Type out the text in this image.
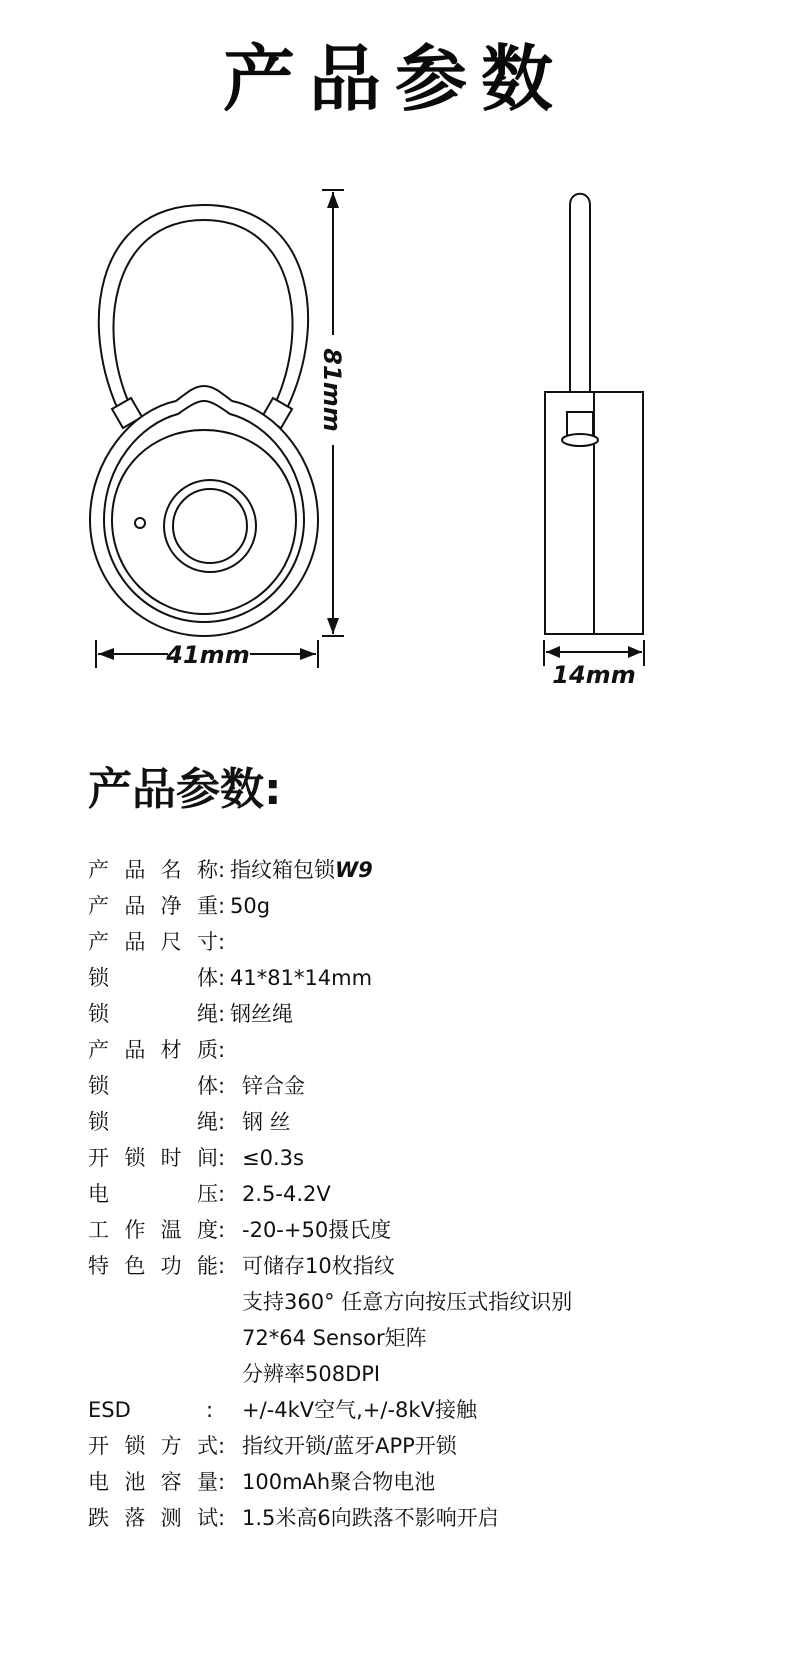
产品参数
81mm
41mm
14mm
产品参数:
产品名称 : 指纹箱包锁W9
产品净重 : 50g
产品尺寸 :
锁体 : 41*81*14mm
锁绳 : 钢丝绳
产品材质 :
锁体 : 锌合金
锁绳 : 钢 丝
开锁时间 : ≤0.3s
电压 : 2.5-4.2V
工作温度 : -20-+50摄氏度
特色功能 : 可储存10枚指纹
支持360° 任意方向按压式指纹识别
72*64 Sensor矩阵
分辨率508DPI
ESD	:	+/-4kV空气,+/-8kV接触
开锁方式 : 指纹开锁/蓝牙APP开锁
电池容量 : 100mAh聚合物电池
跌落测试 : 1.5米高6向跌落不影响开启
